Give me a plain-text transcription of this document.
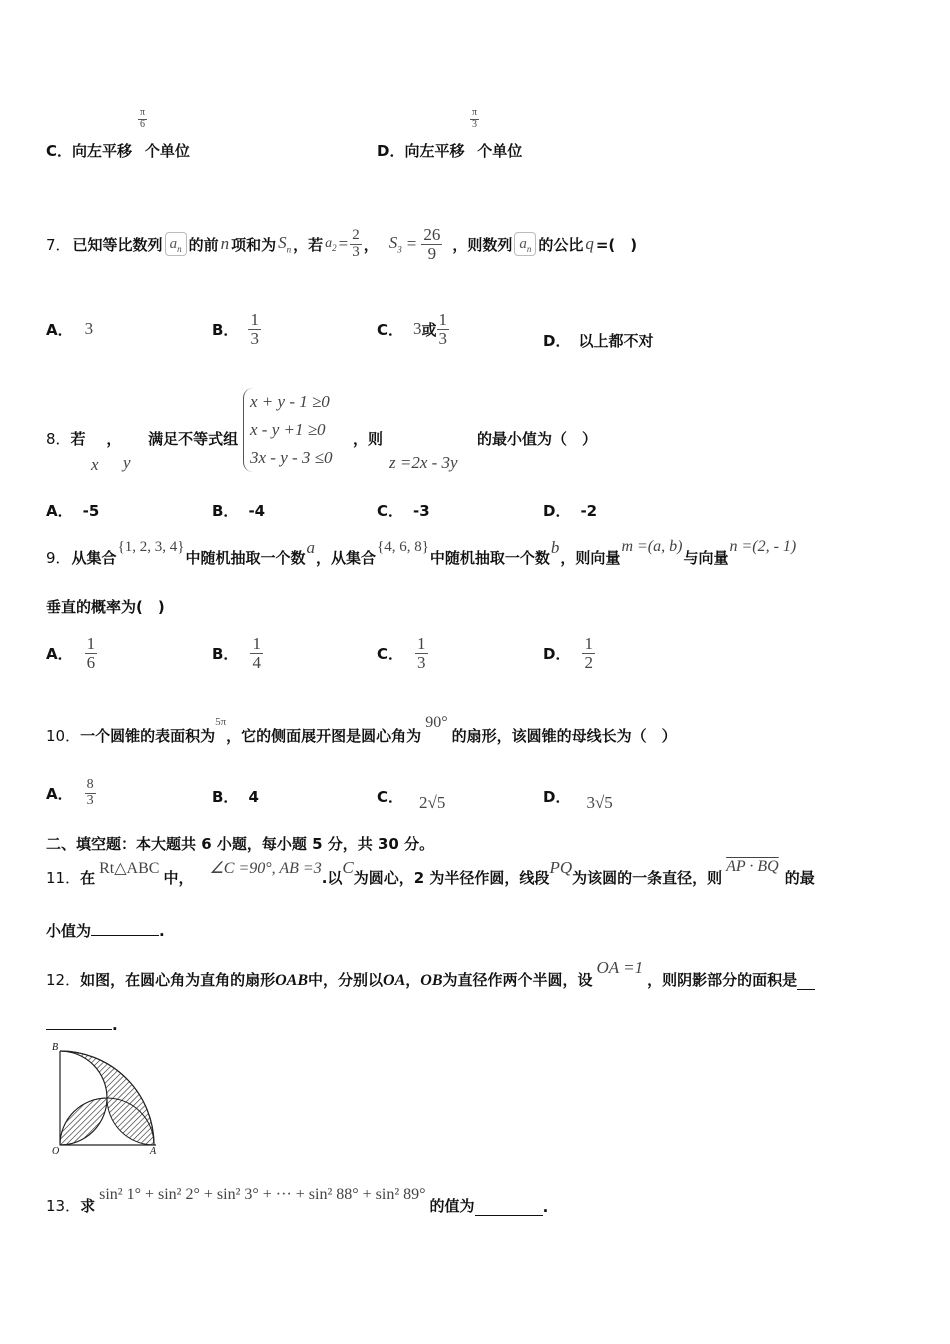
$\frac{\pi}{6}$
C．向左平移 个单位
$\frac{\pi}{3}$
D．向左平移 个单位
7． 已知等比数列 $a_n$ 的前 n 项和为 $S_n$ ，若 $a_2 = \frac{2}{3}$ ， $S_3 = \frac{26}{9}$ ，则数列 $a_n$ 的公比 q =(　)
A． 3	B． $\frac{1}{3}$	C． 3 或 $\frac{1}{3}$	D． 以上都不对
8．若 ， 满足不等式组
x y
x + y - 1 ≥0
x - y +1 ≥0
3x - y - 3 ≤0
，则
z =2x - 3y
的最小值为（　）
A． -5	B． -4	C． -3	D． -2
9． 从集合
{1, 2, 3, 4}
中随机抽取一个数
a
，从集合
{4, 6, 8}
中随机抽取一个数
b
，则向量
m =(a, b)
与向量
n =(2, - 1)
垂直的概率为(　)
A． $\frac{1}{6}$	B． $\frac{1}{4}$	C． $\frac{1}{3}$	D． $\frac{1}{2}$
10． 一个圆锥的表面积为
5π
，它的侧面展开图是圆心角为
90°
的扇形，该圆锥的母线长为（　）
A． $\frac{8}{3}$	B． 4	C． 2√5	D． 3√5
二、填空题：本大题共 6 小题，每小题 5 分，共 30 分。
11． 在
Rt△ABC
中，
∠C =90°, AB =3
.以
C
为圆心，2 为半径作圆，线段
PQ
为该圆的一条直径，则
AP · BQ
的最
小值为	.
12． 如图，在圆心角为直角的扇形 OAB 中，分别以 OA ， OB 为直径作两个半圆，设
OA =1
，则阴影部分的面积是
.
B
O	A
13． 求
sin² 1° + sin² 2° + sin² 3° + ··· + sin² 88° + sin² 89°
的值为	.
